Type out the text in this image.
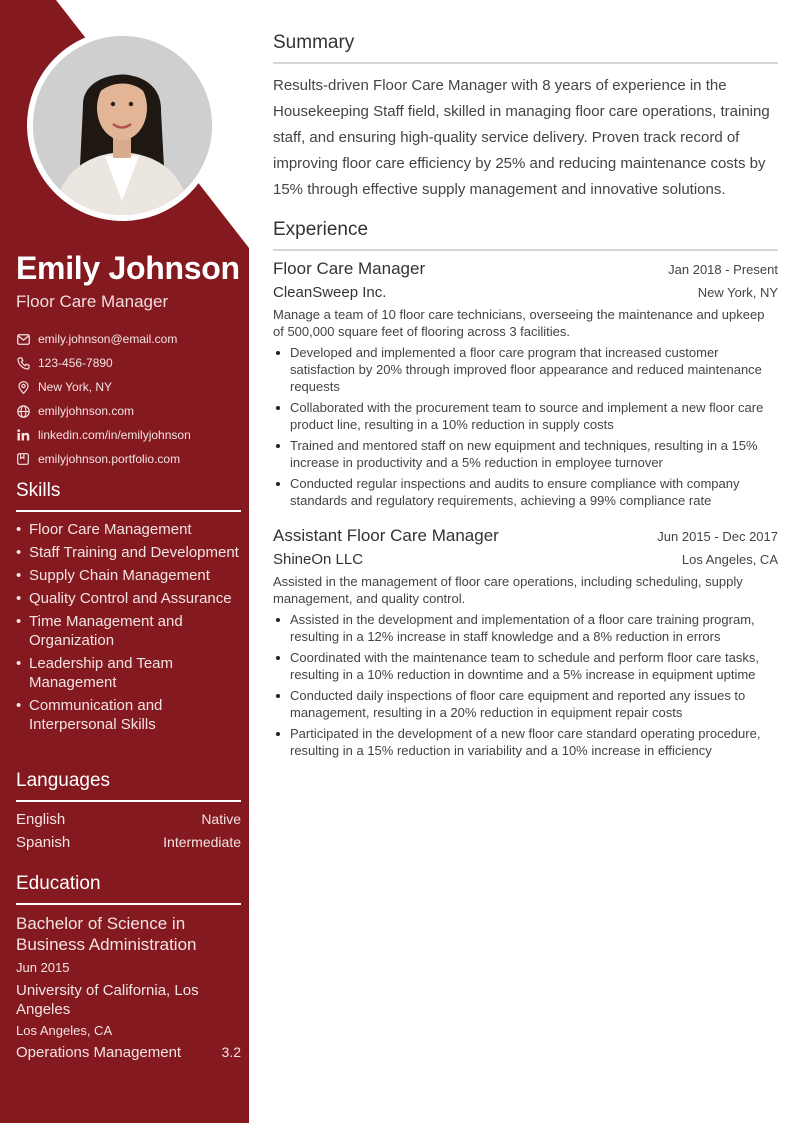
Emily Johnson
Floor Care Manager
emily.johnson@email.com
123-456-7890
New York, NY
emilyjohnson.com
linkedin.com/in/emilyjohnson
emilyjohnson.portfolio.com
Skills
• Floor Care Management
• Staff Training and Development
• Supply Chain Management
• Quality Control and Assurance
• Time Management and Organization
• Leadership and Team Management
• Communication and Interpersonal Skills
Languages
English	Native
Spanish	Intermediate
Education
Bachelor of Science in Business Administration
Jun 2015
University of California, Los Angeles
Los Angeles, CA
Operations Management	3.2
Summary
Results-driven Floor Care Manager with 8 years of experience in the Housekeeping Staff field, skilled in managing floor care operations, training staff, and ensuring high-quality service delivery. Proven track record of improving floor care efficiency by 25% and reducing maintenance costs by 15% through effective supply management and innovative solutions.
Experience
Floor Care Manager	Jan 2018 - Present
CleanSweep Inc.	New York, NY
Manage a team of 10 floor care technicians, overseeing the maintenance and upkeep of 500,000 square feet of flooring across 3 facilities.
Developed and implemented a floor care program that increased customer satisfaction by 20% through improved floor appearance and reduced maintenance requests
Collaborated with the procurement team to source and implement a new floor care product line, resulting in a 10% reduction in supply costs
Trained and mentored staff on new equipment and techniques, resulting in a 15% increase in productivity and a 5% reduction in employee turnover
Conducted regular inspections and audits to ensure compliance with company standards and regulatory requirements, achieving a 99% compliance rate
Assistant Floor Care Manager	Jun 2015 - Dec 2017
ShineOn LLC	Los Angeles, CA
Assisted in the management of floor care operations, including scheduling, supply management, and quality control.
Assisted in the development and implementation of a floor care training program, resulting in a 12% increase in staff knowledge and a 8% reduction in errors
Coordinated with the maintenance team to schedule and perform floor care tasks, resulting in a 10% reduction in downtime and a 5% increase in equipment uptime
Conducted daily inspections of floor care equipment and reported any issues to management, resulting in a 20% reduction in equipment repair costs
Participated in the development of a new floor care standard operating procedure, resulting in a 15% reduction in variability and a 10% increase in efficiency
